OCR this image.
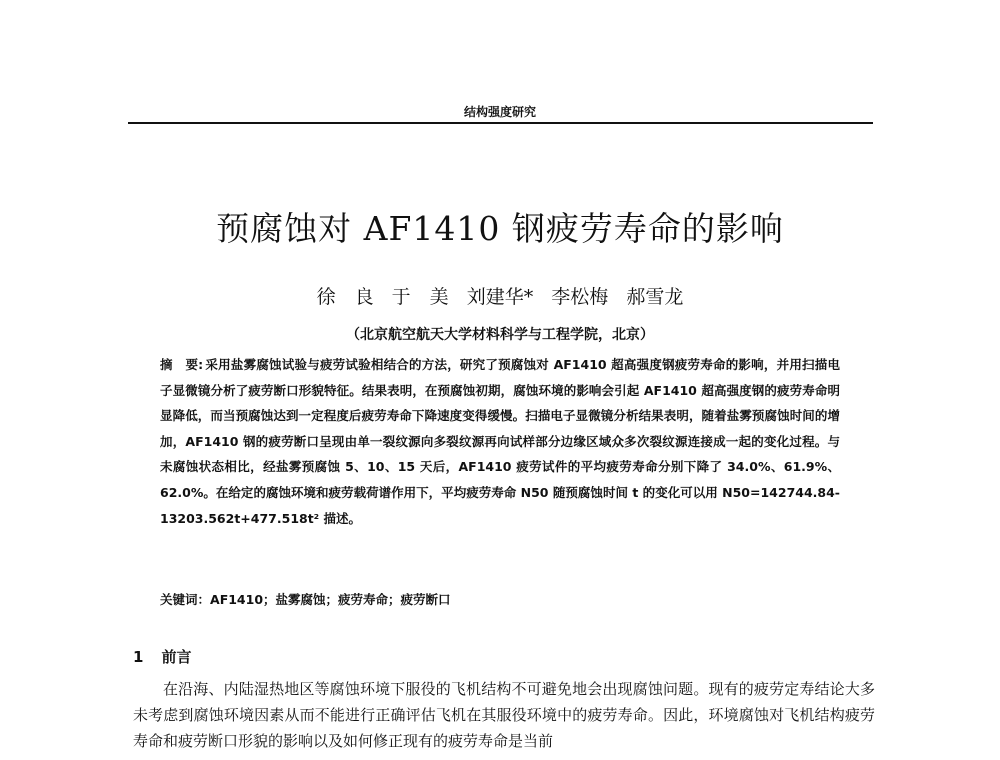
结构强度研究
预腐蚀对 AF1410 钢疲劳寿命的影响
徐　良 于　美 刘建华* 李松梅 郝雪龙
（北京航空航天大学材料科学与工程学院，北京）
摘　要: 采用盐雾腐蚀试验与疲劳试验相结合的方法，研究了预腐蚀对 AF1410 超高强度钢疲劳寿命的影响，并用扫描电子显微镜分析了疲劳断口形貌特征。结果表明，在预腐蚀初期，腐蚀环境的影响会引起 AF1410 超高强度钢的疲劳寿命明显降低，而当预腐蚀达到一定程度后疲劳寿命下降速度变得缓慢。扫描电子显微镜分析结果表明，随着盐雾预腐蚀时间的增加，AF1410 钢的疲劳断口呈现由单一裂纹源向多裂纹源再向试样部分边缘区域众多次裂纹源连接成一起的变化过程。与未腐蚀状态相比，经盐雾预腐蚀 5、10、15 天后，AF1410 疲劳试件的平均疲劳寿命分别下降了 34.0%、61.9%、62.0%。在给定的腐蚀环境和疲劳载荷谱作用下，平均疲劳寿命 N50 随预腐蚀时间 t 的变化可以用 N50=142744.84-13203.562t+477.518t² 描述。
关键词：AF1410；盐雾腐蚀；疲劳寿命；疲劳断口
1 前言
在沿海、内陆湿热地区等腐蚀环境下服役的飞机结构不可避免地会出现腐蚀问题。现有的疲劳定寿结论大多未考虑到腐蚀环境因素从而不能进行正确评估飞机在其服役环境中的疲劳寿命。因此，环境腐蚀对飞机结构疲劳寿命和疲劳断口形貌的影响以及如何修正现有的疲劳寿命是当前
